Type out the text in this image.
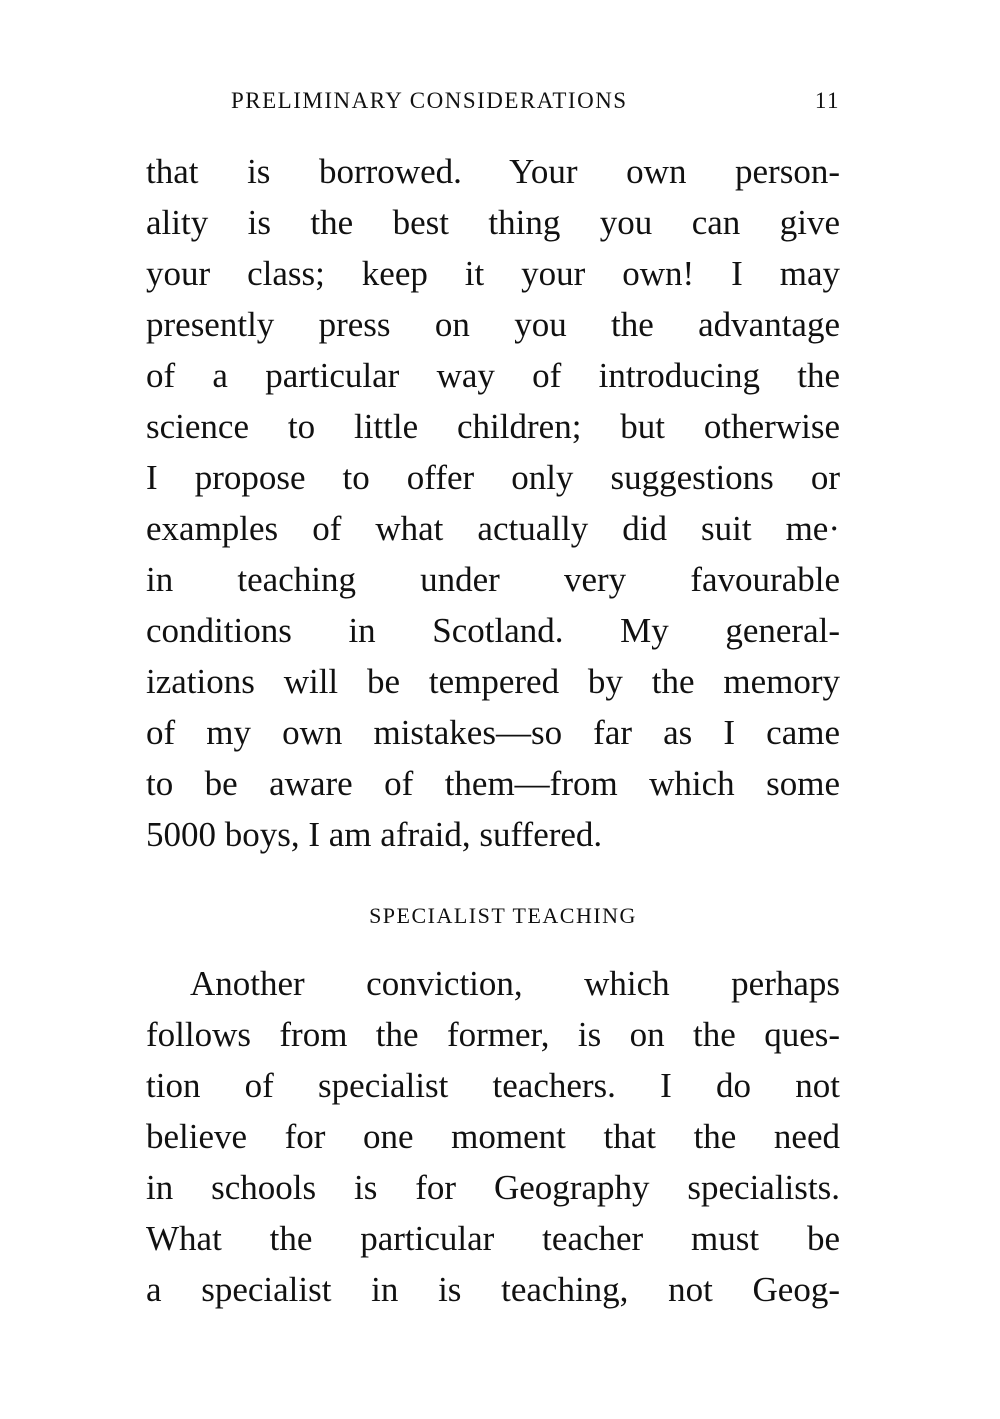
PRELIMINARY CONSIDERATIONS	11
that is borrowed. Your own person-
ality is the best thing you can give
your class; keep it your own! I may
presently press on you the advantage
of a particular way of introducing the
science to little children; but otherwise
I propose to offer only suggestions or
examples of what actually did suit me·
in teaching under very favourable
conditions in Scotland. My general-
izations will be tempered by the memory
of my own mistakes—so far as I came
to be aware of them—from which some
5000 boys, I am afraid, suffered.
SPECIALIST TEACHING
Another conviction, which perhaps
follows from the former, is on the ques-
tion of specialist teachers. I do not
believe for one moment that the need
in schools is for Geography specialists.
What the particular teacher must be
a specialist in is teaching, not Geog-
